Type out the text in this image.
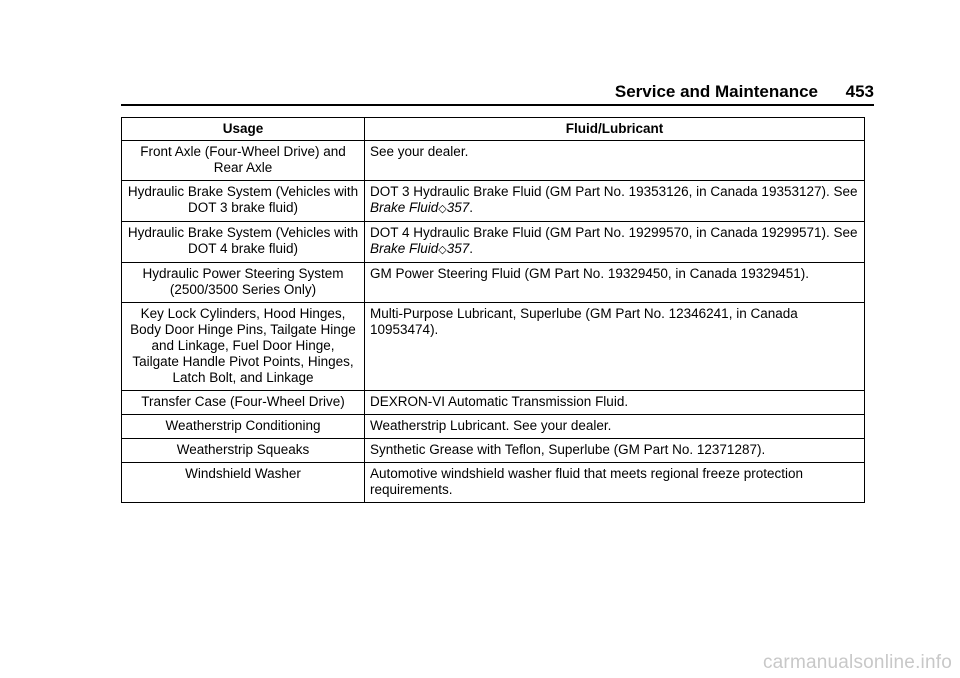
Service and Maintenance 453
Usage	Fluid/Lubricant
Front Axle (Four-Wheel Drive) and Rear Axle	See your dealer.
Hydraulic Brake System (Vehicles with DOT 3 brake fluid)	DOT 3 Hydraulic Brake Fluid (GM Part No. 19353126, in Canada 19353127). See Brake Fluid◇357.
Hydraulic Brake System (Vehicles with DOT 4 brake fluid)	DOT 4 Hydraulic Brake Fluid (GM Part No. 19299570, in Canada 19299571). See Brake Fluid◇357.
Hydraulic Power Steering System (2500/3500 Series Only)	GM Power Steering Fluid (GM Part No. 19329450, in Canada 19329451).
Key Lock Cylinders, Hood Hinges, Body Door Hinge Pins, Tailgate Hinge and Linkage, Fuel Door Hinge, Tailgate Handle Pivot Points, Hinges, Latch Bolt, and Linkage	Multi-Purpose Lubricant, Superlube (GM Part No. 12346241, in Canada 10953474).
Transfer Case (Four-Wheel Drive)	DEXRON-VI Automatic Transmission Fluid.
Weatherstrip Conditioning	Weatherstrip Lubricant. See your dealer.
Weatherstrip Squeaks	Synthetic Grease with Teflon, Superlube (GM Part No. 12371287).
Windshield Washer	Automotive windshield washer fluid that meets regional freeze protection requirements.
carmanualsonline.info
